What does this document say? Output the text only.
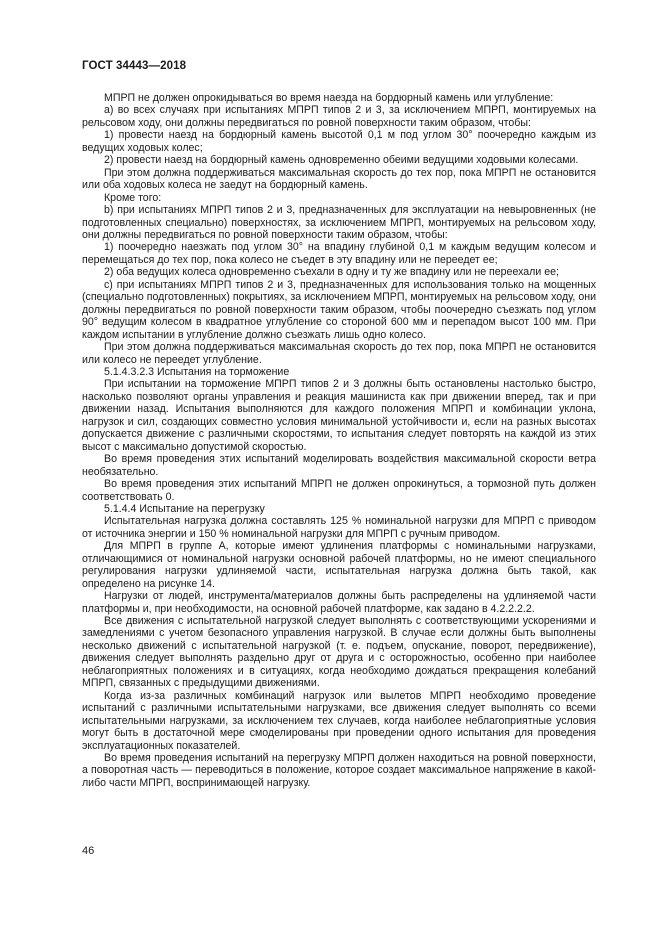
ГОСТ 34443—2018

МПРП не должен опрокидываться во время наезда на бордюрный камень или углубление:

а) во всех случаях при испытаниях МПРП типов 2 и 3, за исключением МПРП, монтируемых на рельсовом ходу, они должны передвигаться по ровной поверхности таким образом, чтобы:

1) провести наезд на бордюрный камень высотой 0,1 м под углом 30° поочередно каждым из ведущих ходовых колес;

2) провести наезд на бордюрный камень одновременно обеими ведущими ходовыми колесами.

При этом должна поддерживаться максимальная скорость до тех пор, пока МПРП не остановится или оба ходовых колеса не заедут на бордюрный камень.

Кроме того:

b) при испытаниях МПРП типов 2 и 3, предназначенных для эксплуатации на невыровненных (не подготовленных специально) поверхностях, за исключением МПРП, монтируемых на рельсовом ходу, они должны передвигаться по ровной поверхности таким образом, чтобы:

1) поочередно наезжать под углом 30° на впадину глубиной 0,1 м каждым ведущим колесом и перемещаться до тех пор, пока колесо не съедет в эту впадину или не переедет ее;

2) оба ведущих колеса одновременно съехали в одну и ту же впадину или не переехали ее;

c) при испытаниях МПРП типов 2 и 3, предназначенных для использования только на мощенных (специально подготовленных) покрытиях, за исключением МПРП, монтируемых на рельсовом ходу, они должны передвигаться по ровной поверхности таким образом, чтобы поочередно съезжать под углом 90° ведущим колесом в квадратное углубление со стороной 600 мм и перепадом высот 100 мм. При каждом испытании в углубление должно съезжать лишь одно колесо.

При этом должна поддерживаться максимальная скорость до тех пор, пока МПРП не остановится или колесо не переедет углубление.

5.1.4.3.2.3 Испытания на торможение

При испытании на торможение МПРП типов 2 и 3 должны быть остановлены настолько быстро, насколько позволяют органы управления и реакция машиниста как при движении вперед, так и при движении назад. Испытания выполняются для каждого положения МПРП и комбинации уклона, нагрузок и сил, создающих совместно условия минимальной устойчивости и, если на разных высотах допускается движение с различными скоростями, то испытания следует повторять на каждой из этих высот с максимально допустимой скоростью.

Во время проведения этих испытаний моделировать воздействия максимальной скорости ветра необязательно.

Во время проведения этих испытаний МПРП не должен опрокинуться, а тормозной путь должен соответствовать 0.

5.1.4.4 Испытание на перегрузку

Испытательная нагрузка должна составлять 125 % номинальной нагрузки для МПРП с приводом от источника энергии и 150 % номинальной нагрузки для МПРП с ручным приводом.

Для МПРП в группе А, которые имеют удлинения платформы с номинальными нагрузками, отличающимися от номинальной нагрузки основной рабочей платформы, но не имеют специального регулирования нагрузки удлиняемой части, испытательная нагрузка должна быть такой, как определено на рисунке 14.

Нагрузки от людей, инструмента/материалов должны быть распределены на удлиняемой части платформы и, при необходимости, на основной рабочей платформе, как задано в 4.2.2.2.2.

Все движения с испытательной нагрузкой следует выполнять с соответствующими ускорениями и замедлениями с учетом безопасного управления нагрузкой. В случае если должны быть выполнены несколько движений с испытательной нагрузкой (т. е. подъем, опускание, поворот, передвижение), движения следует выполнять раздельно друг от друга и с осторожностью, особенно при наиболее неблагоприятных положениях и в ситуациях, когда необходимо дождаться прекращения колебаний МПРП, связанных с предыдущими движениями.

Когда из-за различных комбинаций нагрузок или вылетов МПРП необходимо проведение испытаний с различными испытательными нагрузками, все движения следует выполнять со всеми испытательными нагрузками, за исключением тех случаев, когда наиболее неблагоприятные условия могут быть в достаточной мере смоделированы при проведении одного испытания для проведения эксплуатационных показателей.

Во время проведения испытаний на перегрузку МПРП должен находиться на ровной поверхности, а поворотная часть — переводиться в положение, которое создает максимальное напряжение в какой-либо части МПРП, воспринимающей нагрузку.

46
